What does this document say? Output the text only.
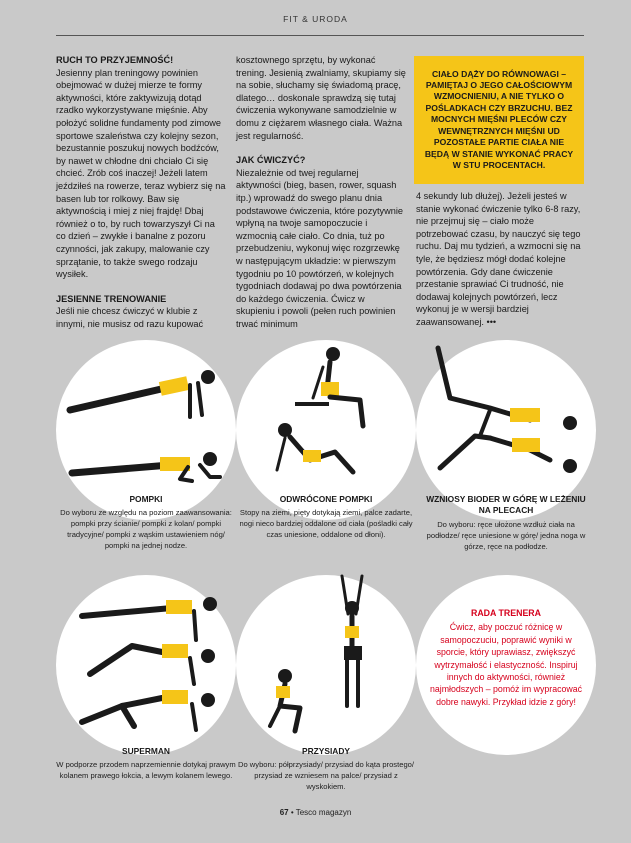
FIT & URODA
RUCH TO PRZYJEMNOŚĆ!

Jesienny plan treningowy powinien obejmować w dużej mierze te formy aktywności, które zaktywizują dotąd rzadko wykorzystywane mięśnie. Aby położyć solidne fundamenty pod zimowe sportowe szaleństwa czy kolejny sezon, bezustannie poszukuj nowych bodźców, by nawet w chłodne dni chciało Ci się chcieć. Zrób coś inaczej! Jeżeli latem jeździłeś na rowerze, teraz wybierz się na basen lub tor rolkowy. Baw się aktywnością i miej z niej frajdę! Dbaj również o to, by ruch towarzyszył Ci na co dzień – zwykłe i banalne z pozoru czynności, jak zakupy, malowanie czy sprzątanie, to także swego rodzaju wysiłek.

JESIENNE TRENOWANIE

Jeśli nie chcesz ćwiczyć w klubie z innymi, nie musisz od razu kupować

kosztownego sprzętu, by wykonać trening. Jesienią zwalniamy, skupiamy się na sobie, słuchamy się świadomą pracę, dlatego… doskonale sprawdzą się tutaj ćwiczenia wykonywane samodzielnie w domu z ciężarem własnego ciała. Ważna jest regularność.

JAK ĆWICZYĆ?

Niezależnie od twej regularnej aktywności (bieg, basen, rower, squash itp.) wprowadź do swego planu dnia podstawowe ćwiczenia, które pozytywnie wpłyną na twoje samopoczucie i wzmocnią całe ciało. Co dnia, tuż po przebudzeniu, wykonuj więc rozgrzewkę w następującym układzie: w pierwszym tygodniu po 10 powtórzeń, w kolejnych tygodniach dodawaj po dwa powtórzenia do każdego ćwiczenia. Ćwicz w skupieniu i powoli (pełen ruch powinien trwać minimum

CIAŁO DĄŻY DO RÓWNOWAGI – PAMIĘTAJ O JEGO CAŁOŚCIOWYM WZMOCNIENIU, A NIE TYLKO O POŚLADKACH CZY BRZUCHU. BEZ MOCNYCH MIĘŚNI PLECÓW CZY WEWNĘTRZNYCH MIĘŚNI UD POZOSTAŁE PARTIE CIAŁA NIE BĘDĄ W STANIE WYKONAĆ PRACY W STU PROCENTACH.

4 sekundy lub dłużej). Jeżeli jesteś w stanie wykonać ćwiczenie tylko 6-8 razy, nie przejmuj się – ciało może potrzebować czasu, by nauczyć się tego ruchu. Daj mu tydzień, a wzmocni się na tyle, że będziesz mógł dodać kolejne powtórzenia. Gdy dane ćwiczenie przestanie sprawiać Ci trudność, nie dodawaj kolejnych powtórzeń, lecz wykonuj je w wersji bardziej zaawansowanej. •••

POMPKI
Do wyboru ze względu na poziom zaawansowania: pompki przy ścianie/ pompki z kolan/ pompki tradycyjne/ pompki z wąskim ustawieniem nóg/ pompki na jednej nodze.
ODWRÓCONE POMPKI
Stopy na ziemi, pięty dotykają ziemi, palce zadarte, nogi nieco bardziej oddalone od ciała (pośladki cały czas uniesione, oddalone od dłoni).
WZNIOSY BIODER W GÓRĘ W LEŻENIU NA PLECACH
Do wyboru: ręce ułożone wzdłuż ciała na podłodze/ ręce uniesione w górę/ jedna noga w górze, ręce na podłodze.
SUPERMAN
W podporze przodem naprzemiennie dotykaj prawym kolanem prawego łokcia, a lewym kolanem lewego.
PRZYSIADY
Do wyboru: półprzysiady/ przysiad do kąta prostego/ przysiad ze wzniesem na palce/ przysiad z wyskokiem.
RADA TRENERA
Ćwicz, aby poczuć różnicę w samopoczuciu, poprawić wyniki w sporcie, który uprawiasz, zwiększyć wytrzymałość i elastyczność. Inspiruj innych do aktywności, również najmłodszych – pomóż im wypracować dobre nawyki. Przykład idzie z góry!
67 • Tesco magazyn
